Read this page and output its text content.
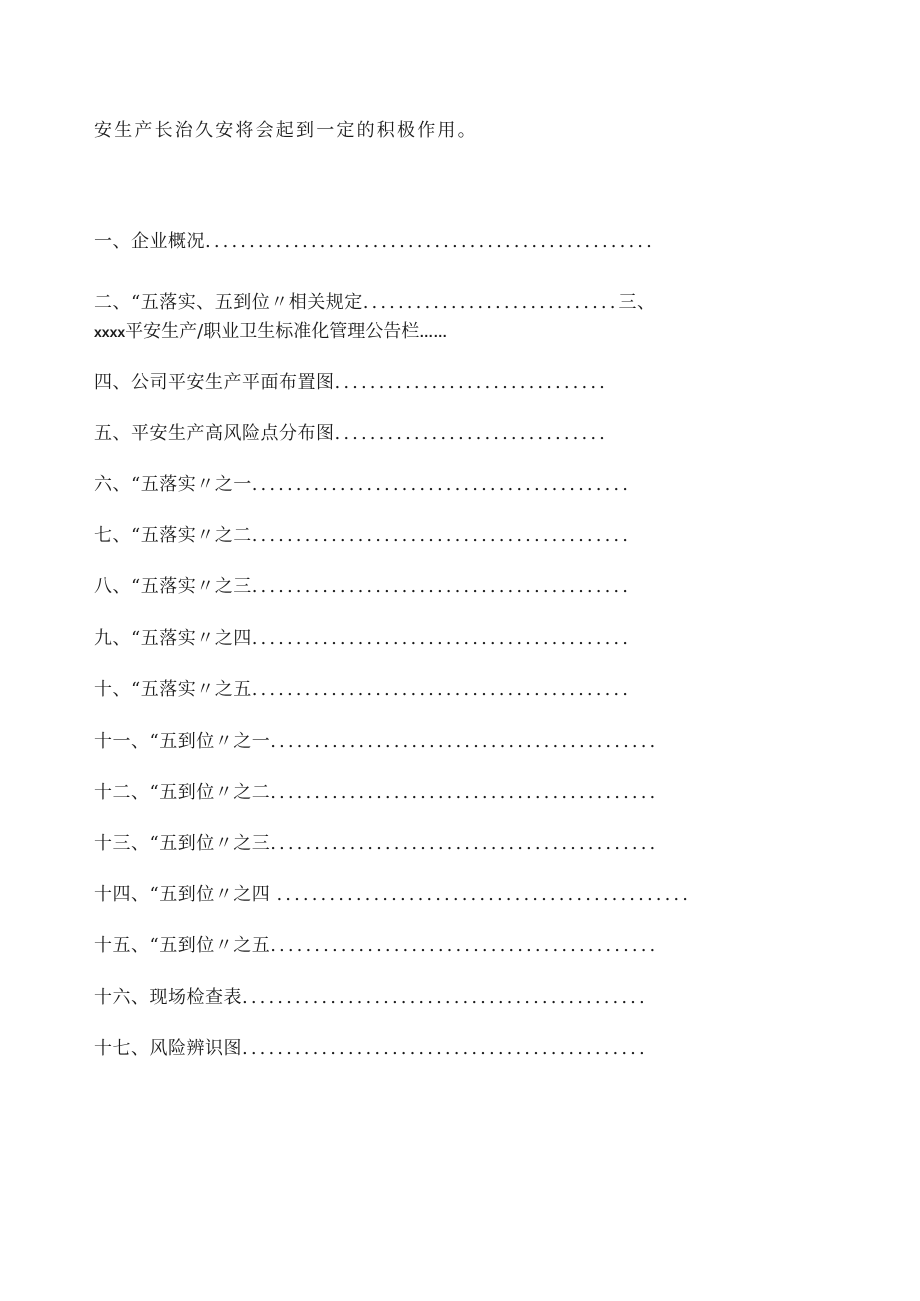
安生产长治久安将会起到一定的积极作用。
一、企业概况...................................................
二、“五落实、五到位〃相关规定.............................三、
xxxx平安生产/职业卫生标准化管理公告栏……
四、公司平安生产平面布置图...............................
五、平安生产高风险点分布图...............................
六、“五落实〃之一...........................................
七、“五落实〃之二...........................................
八、“五落实〃之三...........................................
九、“五落实〃之四...........................................
十、“五落实〃之五...........................................
十一、“五到位〃之一............................................
十二、“五到位〃之二............................................
十三、“五到位〃之三............................................
十四、“五到位〃之四 ...............................................
十五、“五到位〃之五............................................
十六、现场检查表..............................................
十七、风险辨识图..............................................
